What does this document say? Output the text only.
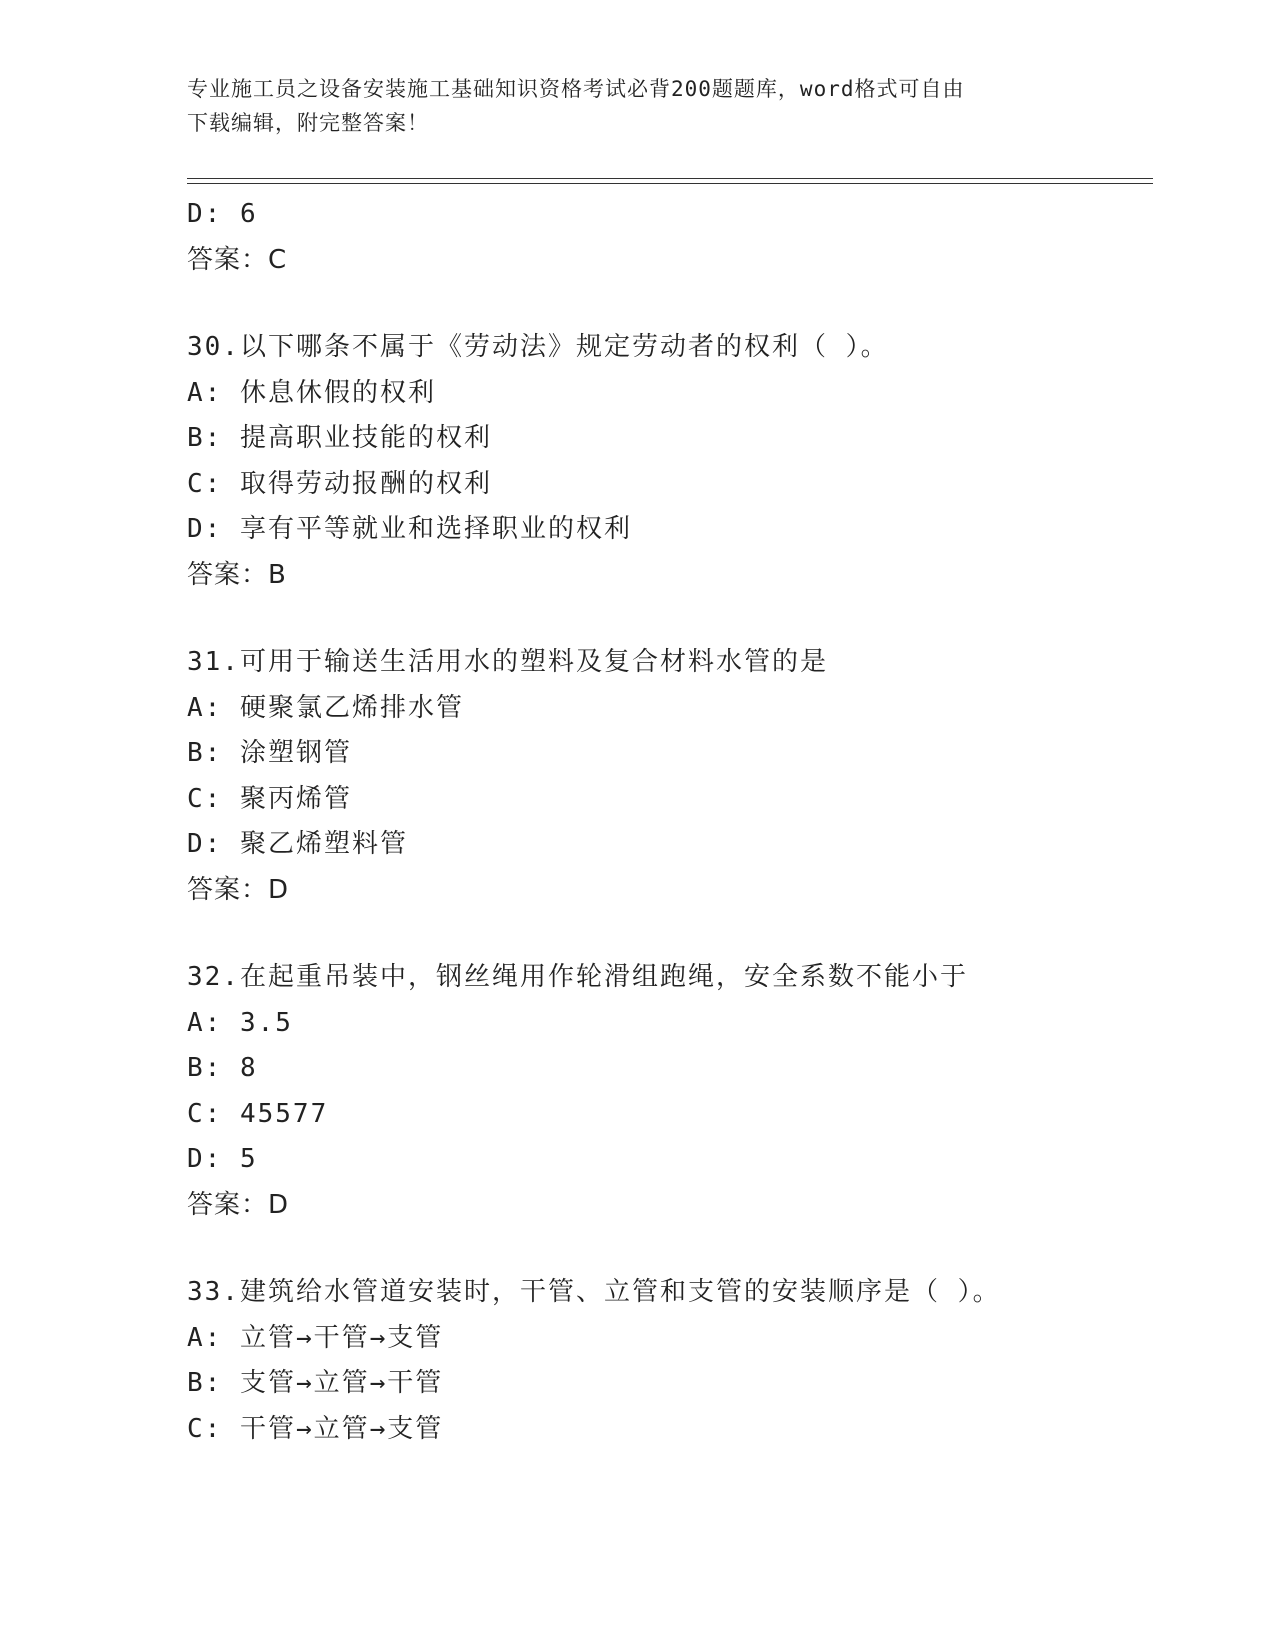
专业施工员之设备安装施工基础知识资格考试必背200题题库，word格式可自由
下载编辑，附完整答案！
D: 6
答案：C
30.以下哪条不属于《劳动法》规定劳动者的权利（ ）。
A: 休息休假的权利
B: 提高职业技能的权利
C: 取得劳动报酬的权利
D: 享有平等就业和选择职业的权利
答案：B
31.可用于输送生活用水的塑料及复合材料水管的是
A: 硬聚氯乙烯排水管
B: 涂塑钢管
C: 聚丙烯管
D: 聚乙烯塑料管
答案：D
32.在起重吊装中，钢丝绳用作轮滑组跑绳，安全系数不能小于
A: 3.5
B: 8
C: 45577
D: 5
答案：D
33.建筑给水管道安装时，干管、立管和支管的安装顺序是（ ）。
A: 立管→干管→支管
B: 支管→立管→干管
C: 干管→立管→支管
